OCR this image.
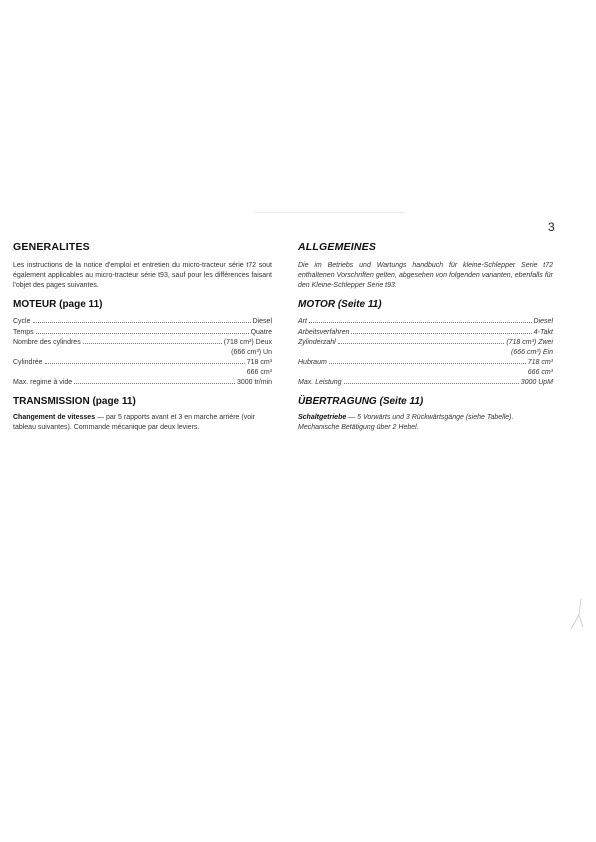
3
GENERALITES
Les instructions de la notice d'emploi et entretien du micro-tracteur série t72 sout également applicables au micro-tracteur série t93, sauf pour les différences faisant l'objet des pages suivantes.
MOTEUR (page 11)
Cycle	Diesel
Temps	Quatre
Nombre des cylindres	(718 cm³) Deux
(666 cm³) Un
Cylindrée	718 cm³
666 cm³
Max. regime à vide	3000 tr/min
TRANSMISSION (page 11)
Changement de vitesses — par 5 rapports avant et 3 en marche arrière (voir tableau suivantes). Commande mécanique par deux leviers.
ALLGEMEINES
Die im Betriebs und Wartungs handbuch für kleine-Schlepper Serie t72 enthaltenen Vorschriften gelten, abgesehen von folgenden varianten, ebenfalls für den Kleine-Schlepper Serie t93.
MOTOR (Seite 11)
Art	Diesel
Arbeitsverfahren	4-Takt
Zylinderzahl	(718 cm³) Zwei
(666 cm³) Ein
Hubraum	718 cm³
666 cm³
Max. Leistung	3000 UpM
ÜBERTRAGUNG (Seite 11)
Schaltgetriebe — 5 Vorwärts und 3 Rückwärtsgänge (siehe Tabelle). Mechanische Betätigung über 2 Hebel.
